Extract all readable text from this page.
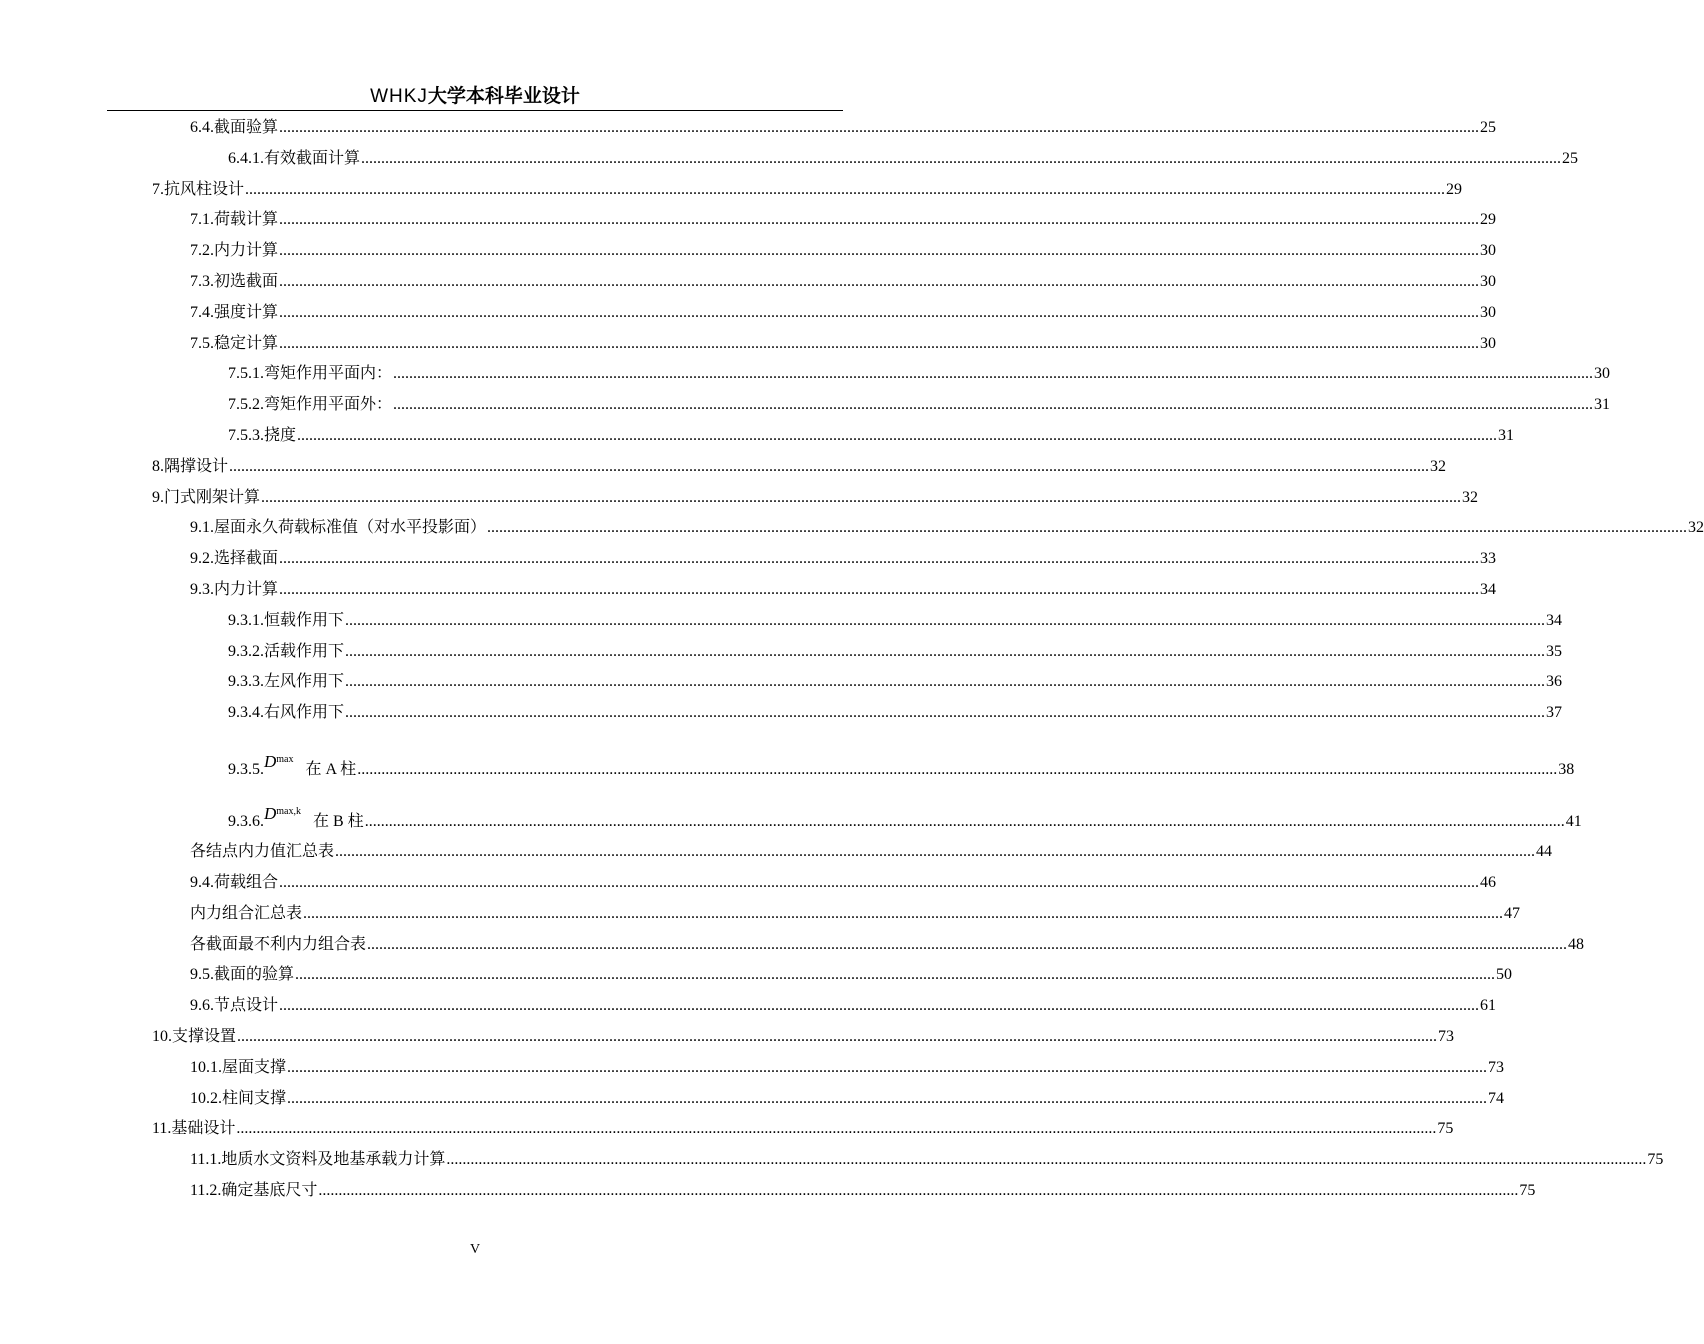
WHKJ大学本科毕业设计
6.4. 截面验算 ............................................................................................................................................................................................................................................................................................................ 25
6.4.1. 有效截面计算 ............................................................................................................................................................................................................................................................................................................ 25
7. 抗风柱设计 ............................................................................................................................................................................................................................................................................................................ 29
7.1. 荷载计算 ............................................................................................................................................................................................................................................................................................................ 29
7.2. 内力计算 ............................................................................................................................................................................................................................................................................................................ 30
7.3. 初选截面 ............................................................................................................................................................................................................................................................................................................ 30
7.4. 强度计算 ............................................................................................................................................................................................................................................................................................................ 30
7.5. 稳定计算 ............................................................................................................................................................................................................................................................................................................ 30
7.5.1. 弯矩作用平面内： ............................................................................................................................................................................................................................................................................................................ 30
7.5.2. 弯矩作用平面外： ............................................................................................................................................................................................................................................................................................................ 31
7.5.3. 挠度 ............................................................................................................................................................................................................................................................................................................ 31
8. 隅撑设计 ............................................................................................................................................................................................................................................................................................................ 32
9. 门式刚架计算 ............................................................................................................................................................................................................................................................................................................ 32
9.1. 屋面永久荷载标准值（对水平投影面） ............................................................................................................................................................................................................................................................................................................ 32
9.2. 选择截面 ............................................................................................................................................................................................................................................................................................................ 33
9.3. 内力计算 ............................................................................................................................................................................................................................................................................................................ 34
9.3.1. 恒载作用下 ............................................................................................................................................................................................................................................................................................................ 34
9.3.2. 活载作用下 ............................................................................................................................................................................................................................................................................................................ 35
9.3.3. 左风作用下 ............................................................................................................................................................................................................................................................................................................ 36
9.3.4. 右风作用下 ............................................................................................................................................................................................................................................................................................................ 37
9.3.5. D max
在 A 柱 ............................................................................................................................................................................................................................................................................................................ 38
9.3.6. D max,k
在 B 柱 ............................................................................................................................................................................................................................................................................................................ 41
各结点内力值汇总表 ............................................................................................................................................................................................................................................................................................................ 44
9.4. 荷载组合 ............................................................................................................................................................................................................................................................................................................ 46
内力组合汇总表 ............................................................................................................................................................................................................................................................................................................ 47
各截面最不利内力组合表 ............................................................................................................................................................................................................................................................................................................ 48
9.5. 截面的验算 ............................................................................................................................................................................................................................................................................................................ 50
9.6. 节点设计 ............................................................................................................................................................................................................................................................................................................ 61
10. 支撑设置 ............................................................................................................................................................................................................................................................................................................ 73
10.1. 屋面支撑 ............................................................................................................................................................................................................................................................................................................ 73
10.2. 柱间支撑 ............................................................................................................................................................................................................................................................................................................ 74
11. 基础设计 ............................................................................................................................................................................................................................................................................................................ 75
11.1. 地质水文资料及地基承载力计算 ............................................................................................................................................................................................................................................................................................................ 75
11.2. 确定基底尺寸 ............................................................................................................................................................................................................................................................................................................ 75
V
